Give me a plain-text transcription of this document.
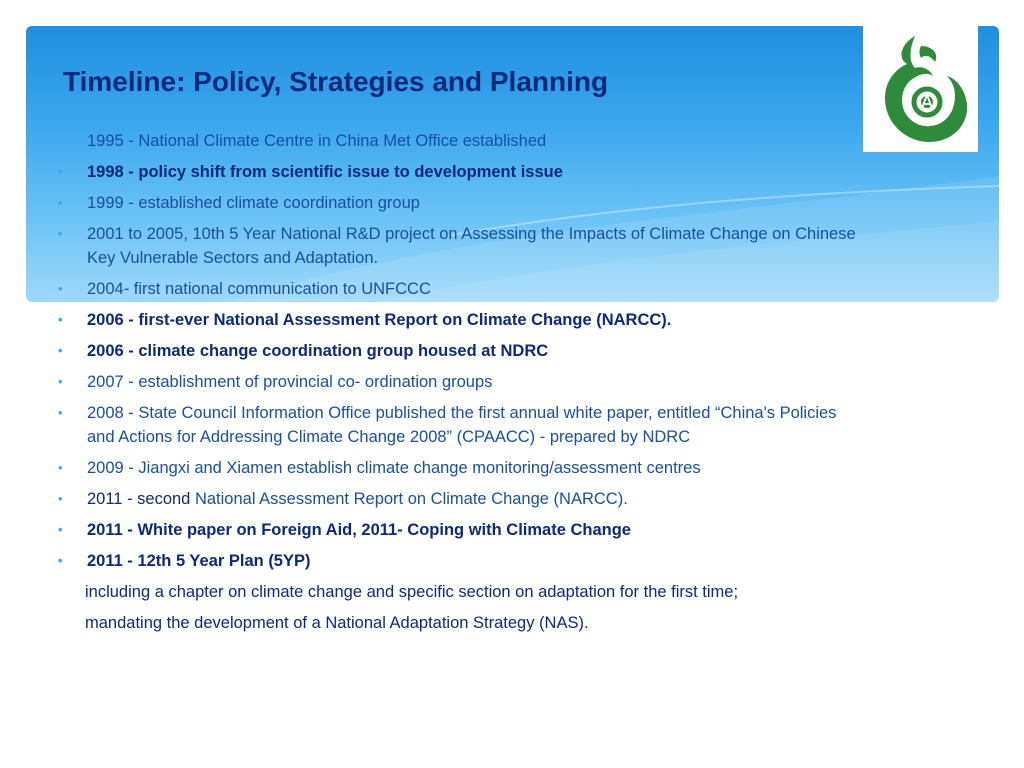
Timeline: Policy, Strategies and Planning
1995 - National Climate Centre in China Met Office established
•	1998 - policy shift from scientific issue to development issue
•	1999 - established climate coordination group
•	2001 to 2005, 10th 5 Year National R&D project on Assessing the Impacts of Climate Change on Chinese Key Vulnerable Sectors and Adaptation.
•	2004- first national communication to UNFCCC
•	2006 - first-ever National Assessment Report on Climate Change (NARCC).
•	2006 - climate change coordination group housed at NDRC
•	2007 - establishment of provincial co- ordination groups
•	2008 - State Council Information Office published the first annual white paper, entitled “China's Policies and Actions for Addressing Climate Change 2008” (CPAACC) - prepared by NDRC
•	2009 - Jiangxi and Xiamen establish climate change monitoring/assessment centres
•	2011 - second National Assessment Report on Climate Change (NARCC).
•	2011 - White paper on Foreign Aid, 2011- Coping with Climate Change
•	2011 - 12th 5 Year Plan (5YP)
including a chapter on climate change and specific section on adaptation for the first time;
mandating the development of a National Adaptation Strategy (NAS).
